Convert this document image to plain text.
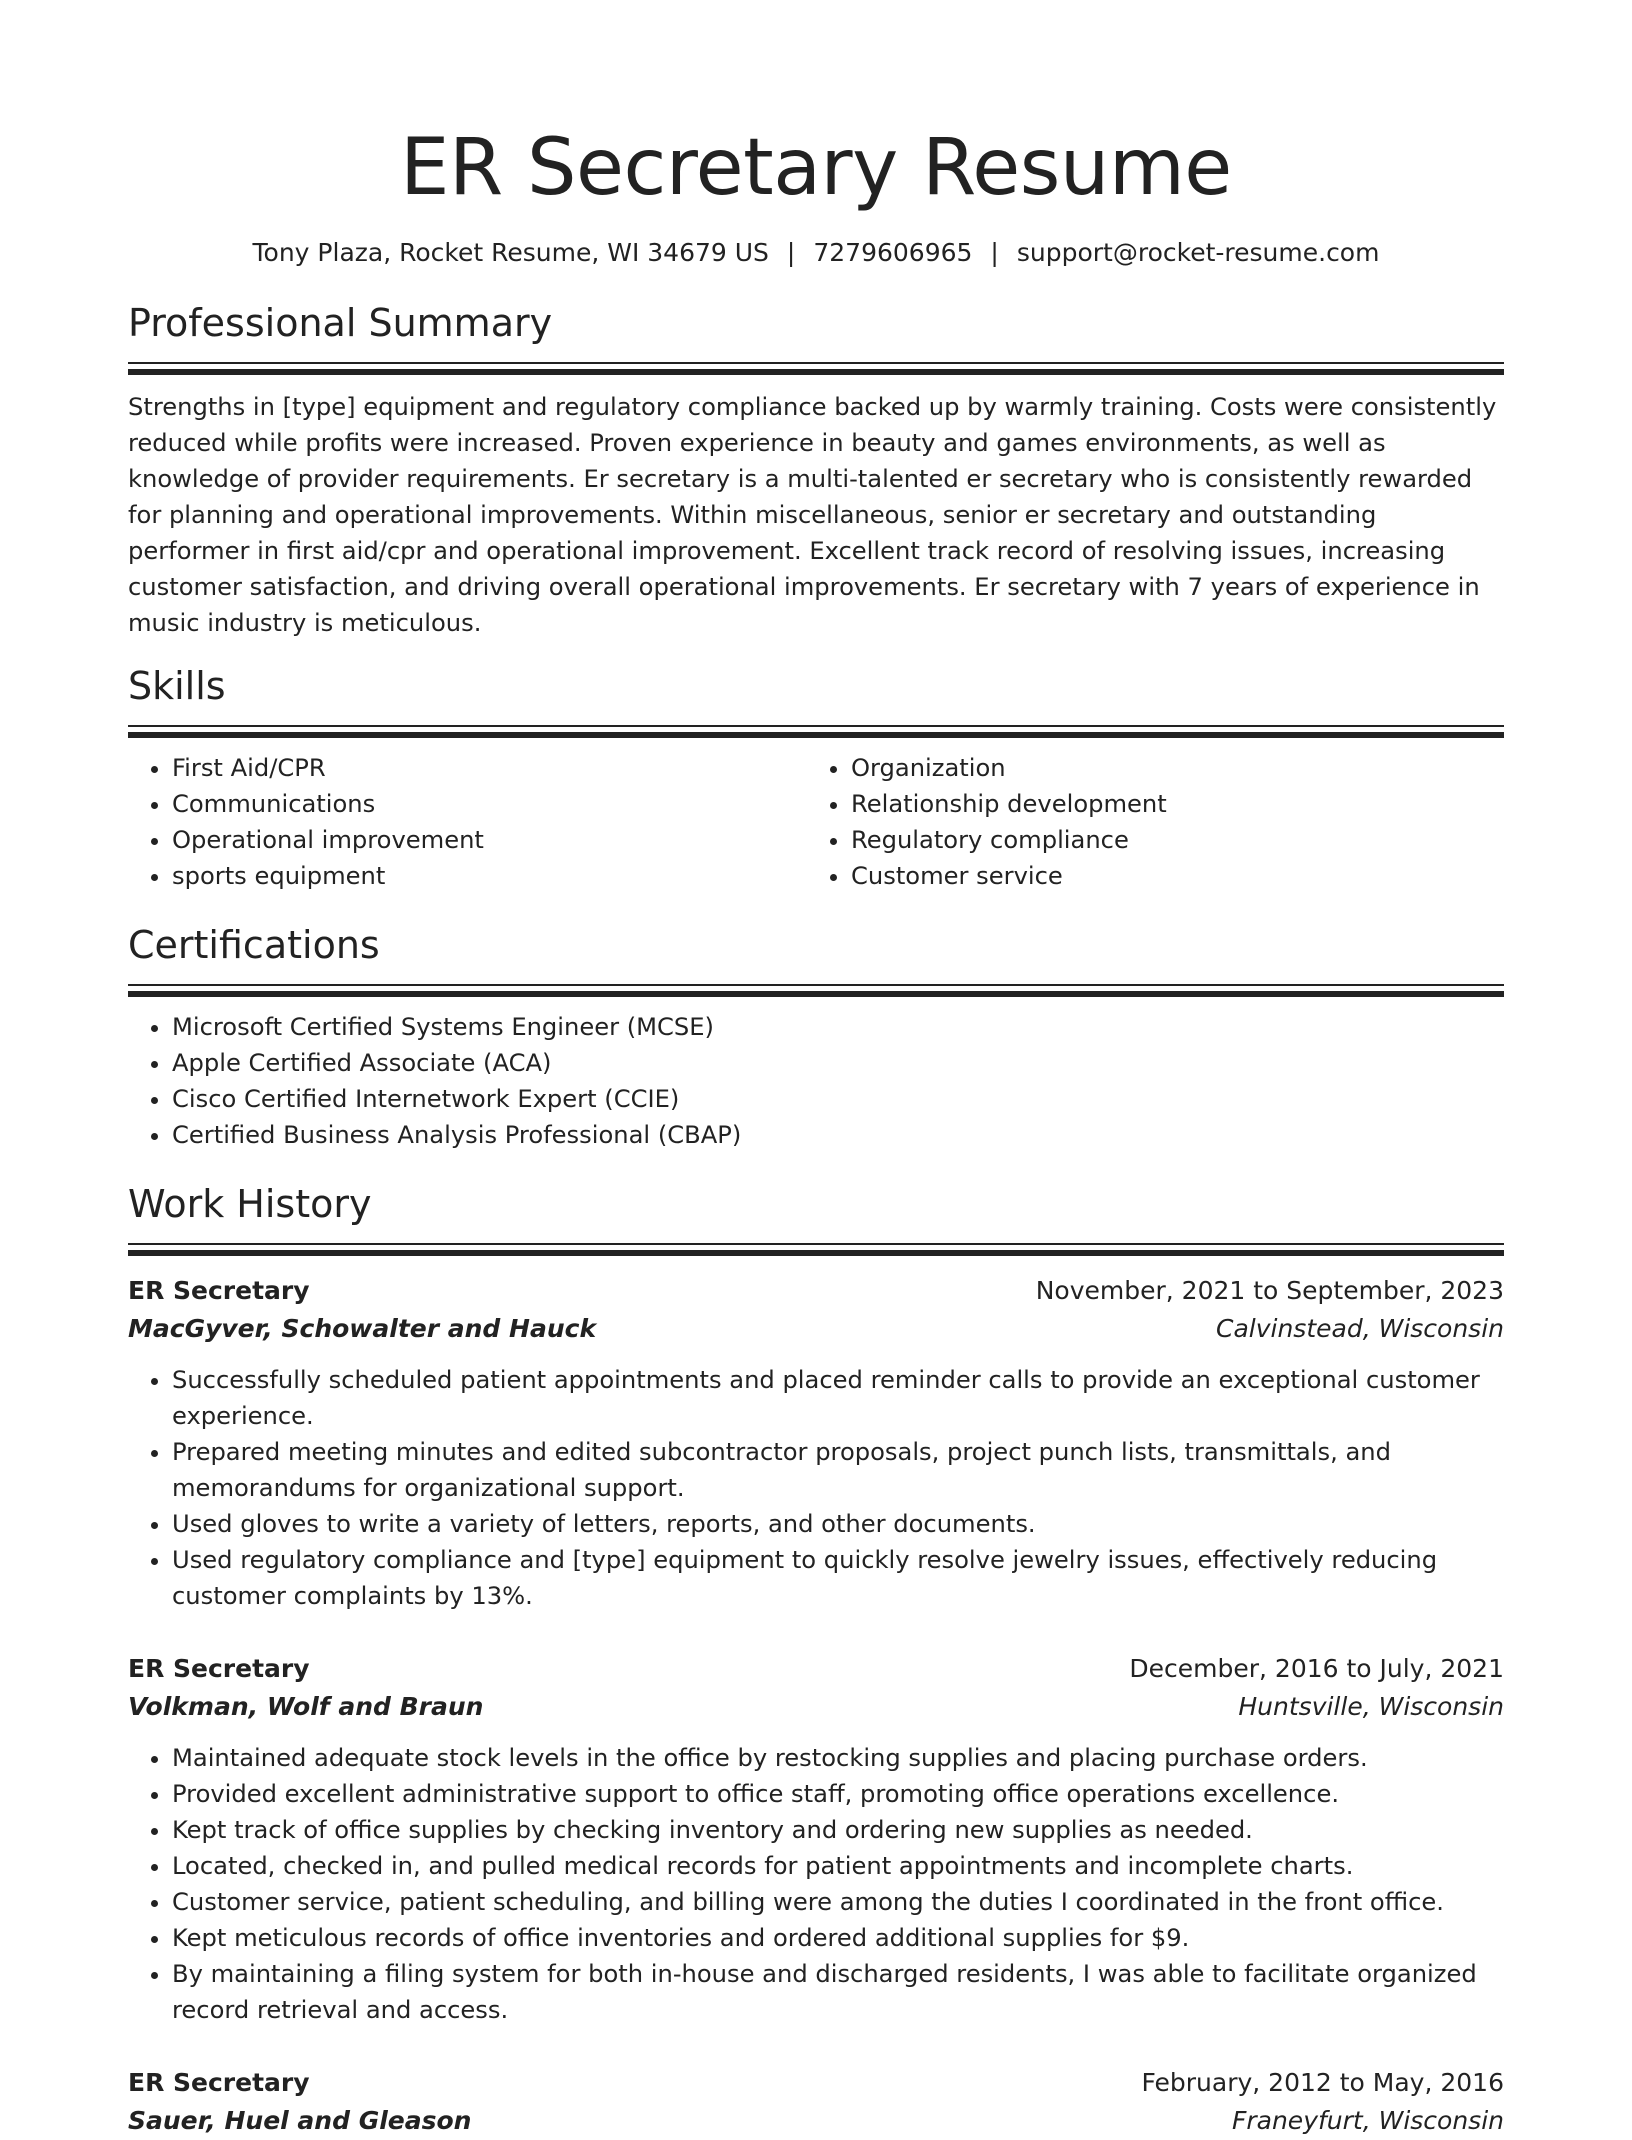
ER Secretary Resume
Tony Plaza, Rocket Resume, WI 34679 US | 7279606965 | support@rocket-resume.com
Professional Summary

Strengths in [type] equipment and regulatory compliance backed up by warmly training. Costs were consistently reduced while profits were increased. Proven experience in beauty and games environments, as well as knowledge of provider requirements. Er secretary is a multi-talented er secretary who is consistently rewarded for planning and operational improvements. Within miscellaneous, senior er secretary and outstanding performer in first aid/cpr and operational improvement. Excellent track record of resolving issues, increasing customer satisfaction, and driving overall operational improvements. Er secretary with 7 years of experience in music industry is meticulous.

Skills
• First Aid/CPR
• Communications
• Operational improvement
• sports equipment
• Organization
• Relationship development
• Regulatory compliance
• Customer service
Certifications
• Microsoft Certified Systems Engineer (MCSE)
• Apple Certified Associate (ACA)
• Cisco Certified Internetwork Expert (CCIE)
• Certified Business Analysis Professional (CBAP)
Work History
ER Secretary	November, 2021 to September, 2023
MacGyver, Schowalter and Hauck	Calvinstead, Wisconsin
• Successfully scheduled patient appointments and placed reminder calls to provide an exceptional customer experience.
• Prepared meeting minutes and edited subcontractor proposals, project punch lists, transmittals, and memorandums for organizational support.
• Used gloves to write a variety of letters, reports, and other documents.
• Used regulatory compliance and [type] equipment to quickly resolve jewelry issues, effectively reducing customer complaints by 13%.
ER Secretary	December, 2016 to July, 2021
Volkman, Wolf and Braun	Huntsville, Wisconsin
• Maintained adequate stock levels in the office by restocking supplies and placing purchase orders.
• Provided excellent administrative support to office staff, promoting office operations excellence.
• Kept track of office supplies by checking inventory and ordering new supplies as needed.
• Located, checked in, and pulled medical records for patient appointments and incomplete charts.
• Customer service, patient scheduling, and billing were among the duties I coordinated in the front office.
• Kept meticulous records of office inventories and ordered additional supplies for $9.
• By maintaining a filing system for both in-house and discharged residents, I was able to facilitate organized record retrieval and access.
ER Secretary	February, 2012 to May, 2016
Sauer, Huel and Gleason	Franeyfurt, Wisconsin
